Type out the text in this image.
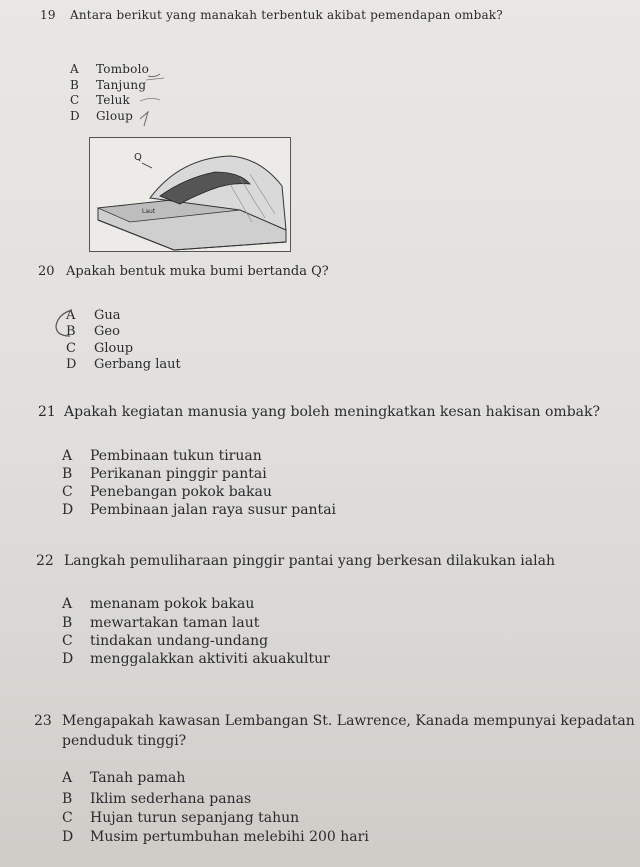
19 Antara berikut yang manakah terbentuk akibat pemendapan ombak?
A Tombolo
B Tanjung
C Teluk
D Gloup
Q
Laut
20 Apakah bentuk muka bumi bertanda Q?
A Gua
B Geo
C Gloup
D Gerbang laut
21 Apakah kegiatan manusia yang boleh meningkatkan kesan hakisan ombak?
A Pembinaan tukun tiruan
B Perikanan pinggir pantai
C Penebangan pokok bakau
D Pembinaan jalan raya susur pantai
22 Langkah pemuliharaan pinggir pantai yang berkesan dilakukan ialah
A menanam pokok bakau
B mewartakan taman laut
C tindakan undang-undang
D menggalakkan aktiviti akuakultur
23 Mengapakah kawasan Lembangan St. Lawrence, Kanada mempunyai kepadatan
penduduk tinggi?
A Tanah pamah
B Iklim sederhana panas
C Hujan turun sepanjang tahun
D Musim pertumbuhan melebihi 200 hari
